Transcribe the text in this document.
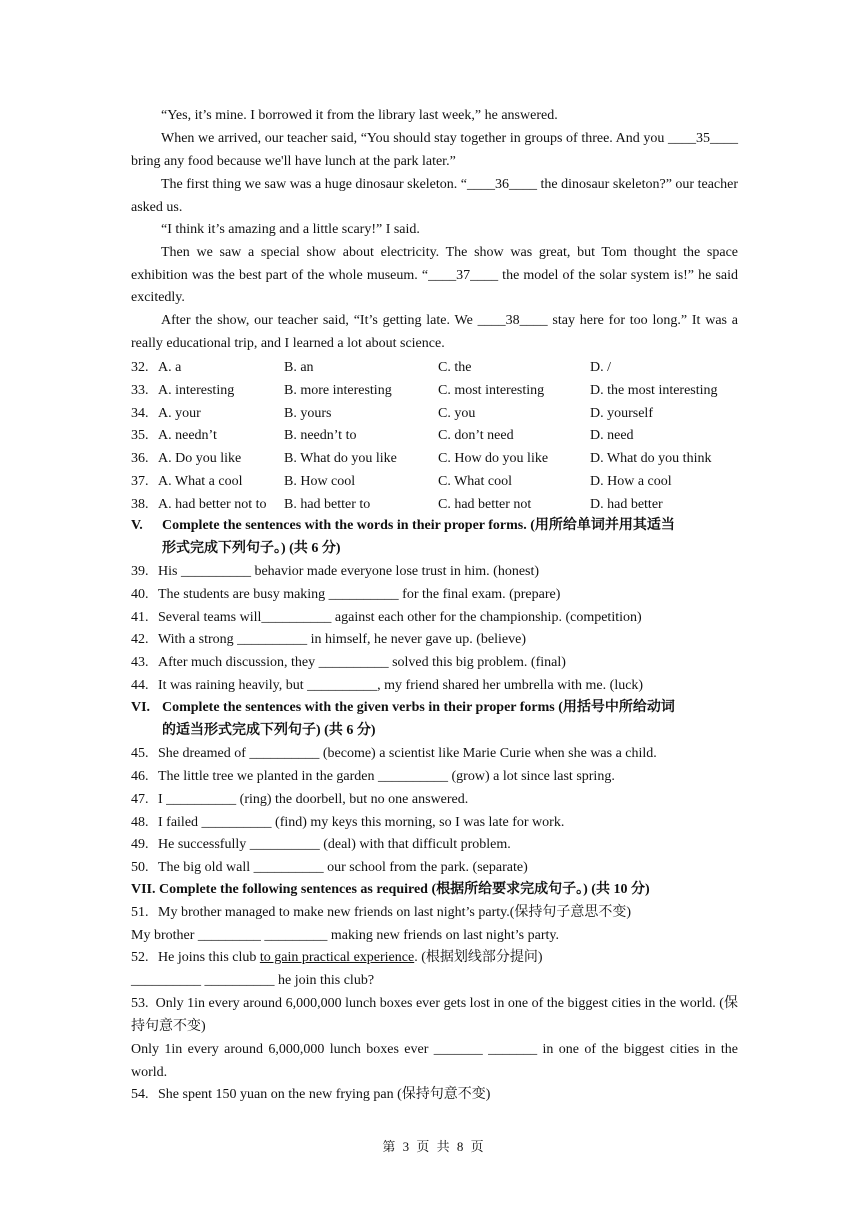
“Yes, it’s mine. I borrowed it from the library last week,” he answered.

When we arrived, our teacher said, “You should stay together in groups of three. And you ____35____ bring any food because we'll have lunch at the park later.”

The first thing we saw was a huge dinosaur skeleton. “____36____ the dinosaur skeleton?” our teacher asked us.

“I think it’s amazing and a little scary!” I said.

Then we saw a special show about electricity. The show was great, but Tom thought the space exhibition was the best part of the whole museum. “____37____ the model of the solar system is!” he said excitedly.

After the show, our teacher said, “It’s getting late. We ____38____ stay here for too long.” It was a really educational trip, and I learned a lot about science.

32. A. a	B. an	C. the	D. /
33. A. interesting	B. more interesting	C. most interesting	D. the most interesting
34. A. your	B. yours	C. you	D. yourself
35. A. needn’t	B. needn’t to	C. don’t need	D. need
36. A. Do you like	B. What do you like	C. How do you like	D. What do you think
37. A. What a cool	B. How cool	C. What cool	D. How a cool
38. A. had better not to B. had better to	C. had better not	D. had better
V. Complete the sentences with the words in their proper forms. (用所给单词并用其适当
形式完成下列句子。) (共 6 分)
39. His __________ behavior made everyone lose trust in him. (honest)
40. The students are busy making __________ for the final exam. (prepare)
41. Several teams will__________ against each other for the championship. (competition)
42. With a strong __________ in himself, he never gave up. (believe)
43. After much discussion, they __________ solved this big problem. (final)
44. It was raining heavily, but __________, my friend shared her umbrella with me. (luck)
VI. Complete the sentences with the given verbs in their proper forms (用括号中所给动词
的适当形式完成下列句子) (共 6 分)
45. She dreamed of __________ (become) a scientist like Marie Curie when she was a child.
46. The little tree we planted in the garden __________ (grow) a lot since last spring.
47. I __________ (ring) the doorbell, but no one answered.
48. I failed __________ (find) my keys this morning, so I was late for work.
49. He successfully __________ (deal) with that difficult problem.
50. The big old wall __________ our school from the park. (separate)
VII. Complete the following sentences as required (根据所给要求完成句子。) (共 10 分)
51. My brother managed to make new friends on last night’s party.(保持句子意思不变)
My brother _________ _________ making new friends on last night’s party.
52. He joins this club to gain practical experience. (根据划线部分提问)
__________ __________ he join this club?

53. Only 1in every around 6,000,000 lunch boxes ever gets lost in one of the biggest cities in the world. (保持句意不变)

Only 1in every around 6,000,000 lunch boxes ever _______ _______ in one of the biggest cities in the world.

54. She spent 150 yuan on the new frying pan (保持句意不变)
第 3 页 共 8 页
